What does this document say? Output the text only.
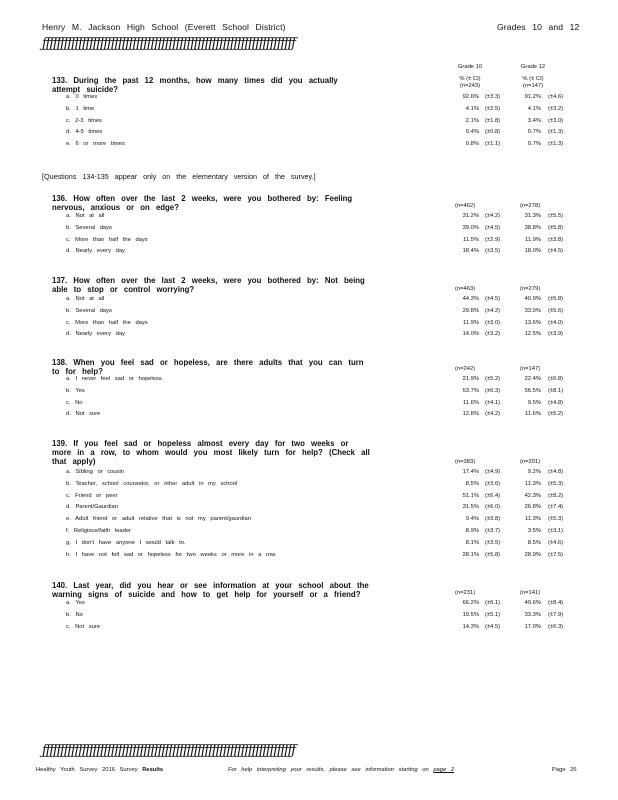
Henry M. Jackson High School (Everett School District)	Grades 10 and 12
ƒƒƒƒƒƒƒƒƒƒƒƒƒƒƒƒƒƒƒƒƒƒƒƒƒƒƒƒƒƒƒƒƒƒƒƒƒƒƒƒƒƒƒƒƒƒƒƒƒƒƒƒƒƒƒƒƒƒƒƒƒƒƒƒƒƒƒƒƒƒ
Grade 10
% (± CI)
(n=243)
Grade 12
% (± CI)
(n=147)
133. During the past 12 months, how many times did you actually attempt suicide?
a. 0 times	92.6% (±3.3)	91.2% (±4.6)
b. 1 time	4.1% (±2.5)	4.1% (±3.2)
c. 2-3 times	2.1% (±1.8)	3.4% (±3.0)
d. 4-5 times	0.4% (±0.8)	0.7% (±1.3)
e. 6 or more times	0.8% (±1.1)	0.7% (±1.3)
136. How often over the last 2 weeks, were you bothered by: Feeling nervous, anxious or on edge?	(n=462)	(n=278)
a. Not at all	31.2% (±4.2)	31.3% (±5.5)
b. Several days	39.0% (±4.5)	38.8% (±5.8)
c. More than half the days	11.5% (±2.9)	11.9% (±3.8)
d. Nearly every day	18.4% (±3.5)	18.0% (±4.5)
137. How often over the last 2 weeks, were you bothered by: Not being able to stop or control worrying?	(n=463)	(n=279)
a. Not at all	44.3% (±4.5)	40.9% (±5.8)
b. Several days	29.8% (±4.2)	33.0% (±5.6)
c. More than half the days	11.9% (±3.0)	13.6% (±4.0)
d. Nearly every day	14.0% (±3.2)	12.5% (±3.9)
138. When you feel sad or hopeless, are there adults that you can turn to for help?	(n=242)	(n=147)
a. I never feel sad or hopeless.	21.9% (±5.2)	22.4% (±6.8)
b. Yes	53.7% (±6.3)	56.5% (±8.1)
c. No	11.6% (±4.1)	9.5% (±4.8)
d. Not sure	12.8% (±4.2)	11.6% (±5.2)
139. If you feel sad or hopeless almost every day for two weeks or more in a row, to whom would you most likely turn for help? (Check all that apply)	(n=383)	(n=201)
a. Sibling or cousin	17.4% (±4.9)	9.2% (±4.8)
b. Teacher, school counselor, or other adult in my school	8.5% (±3.6)	11.3% (±5.3)
c. Friend or peer	51.1% (±6.4)	42.3% (±8.2)
d. Parent/Gaurdian	31.5% (±6.0)	26.8% (±7.4)
e. Adult friend or adult relative that is not my parent/gaurdian	9.4% (±3.8)	11.3% (±5.3)
f. Religious/faith leader	8.9% (±3.7)	3.5% (±3.1)
g. I don't have anyone I would talk to.	8.1% (±3.5)	8.5% (±4.6)
h. I have not felt sad or hopeless for two weeks or more in a row.	28.1% (±5.8)	28.9% (±7.5)
140. Last year, did you hear or see information at your school about the warning signs of suicide and how to get help for yourself or a friend?	(n=231)	(n=141)
a. Yes	66.2% (±6.1)	49.6% (±8.4)
b. No	19.5% (±5.1)	33.3% (±7.9)
c. Not sure	14.3% (±4.5)	17.0% (±6.3)
[Questions 134-135 appear only on the elementary version of the survey.]
ƒƒƒƒƒƒƒƒƒƒƒƒƒƒƒƒƒƒƒƒƒƒƒƒƒƒƒƒƒƒƒƒƒƒƒƒƒƒƒƒƒƒƒƒƒƒƒƒƒƒƒƒƒƒƒƒƒƒƒƒƒƒƒƒƒƒƒƒƒƒ
Healthy Youth Survey 2016 Survey Results	For help interpreting your results, please see information starting on page 2	Page 26
